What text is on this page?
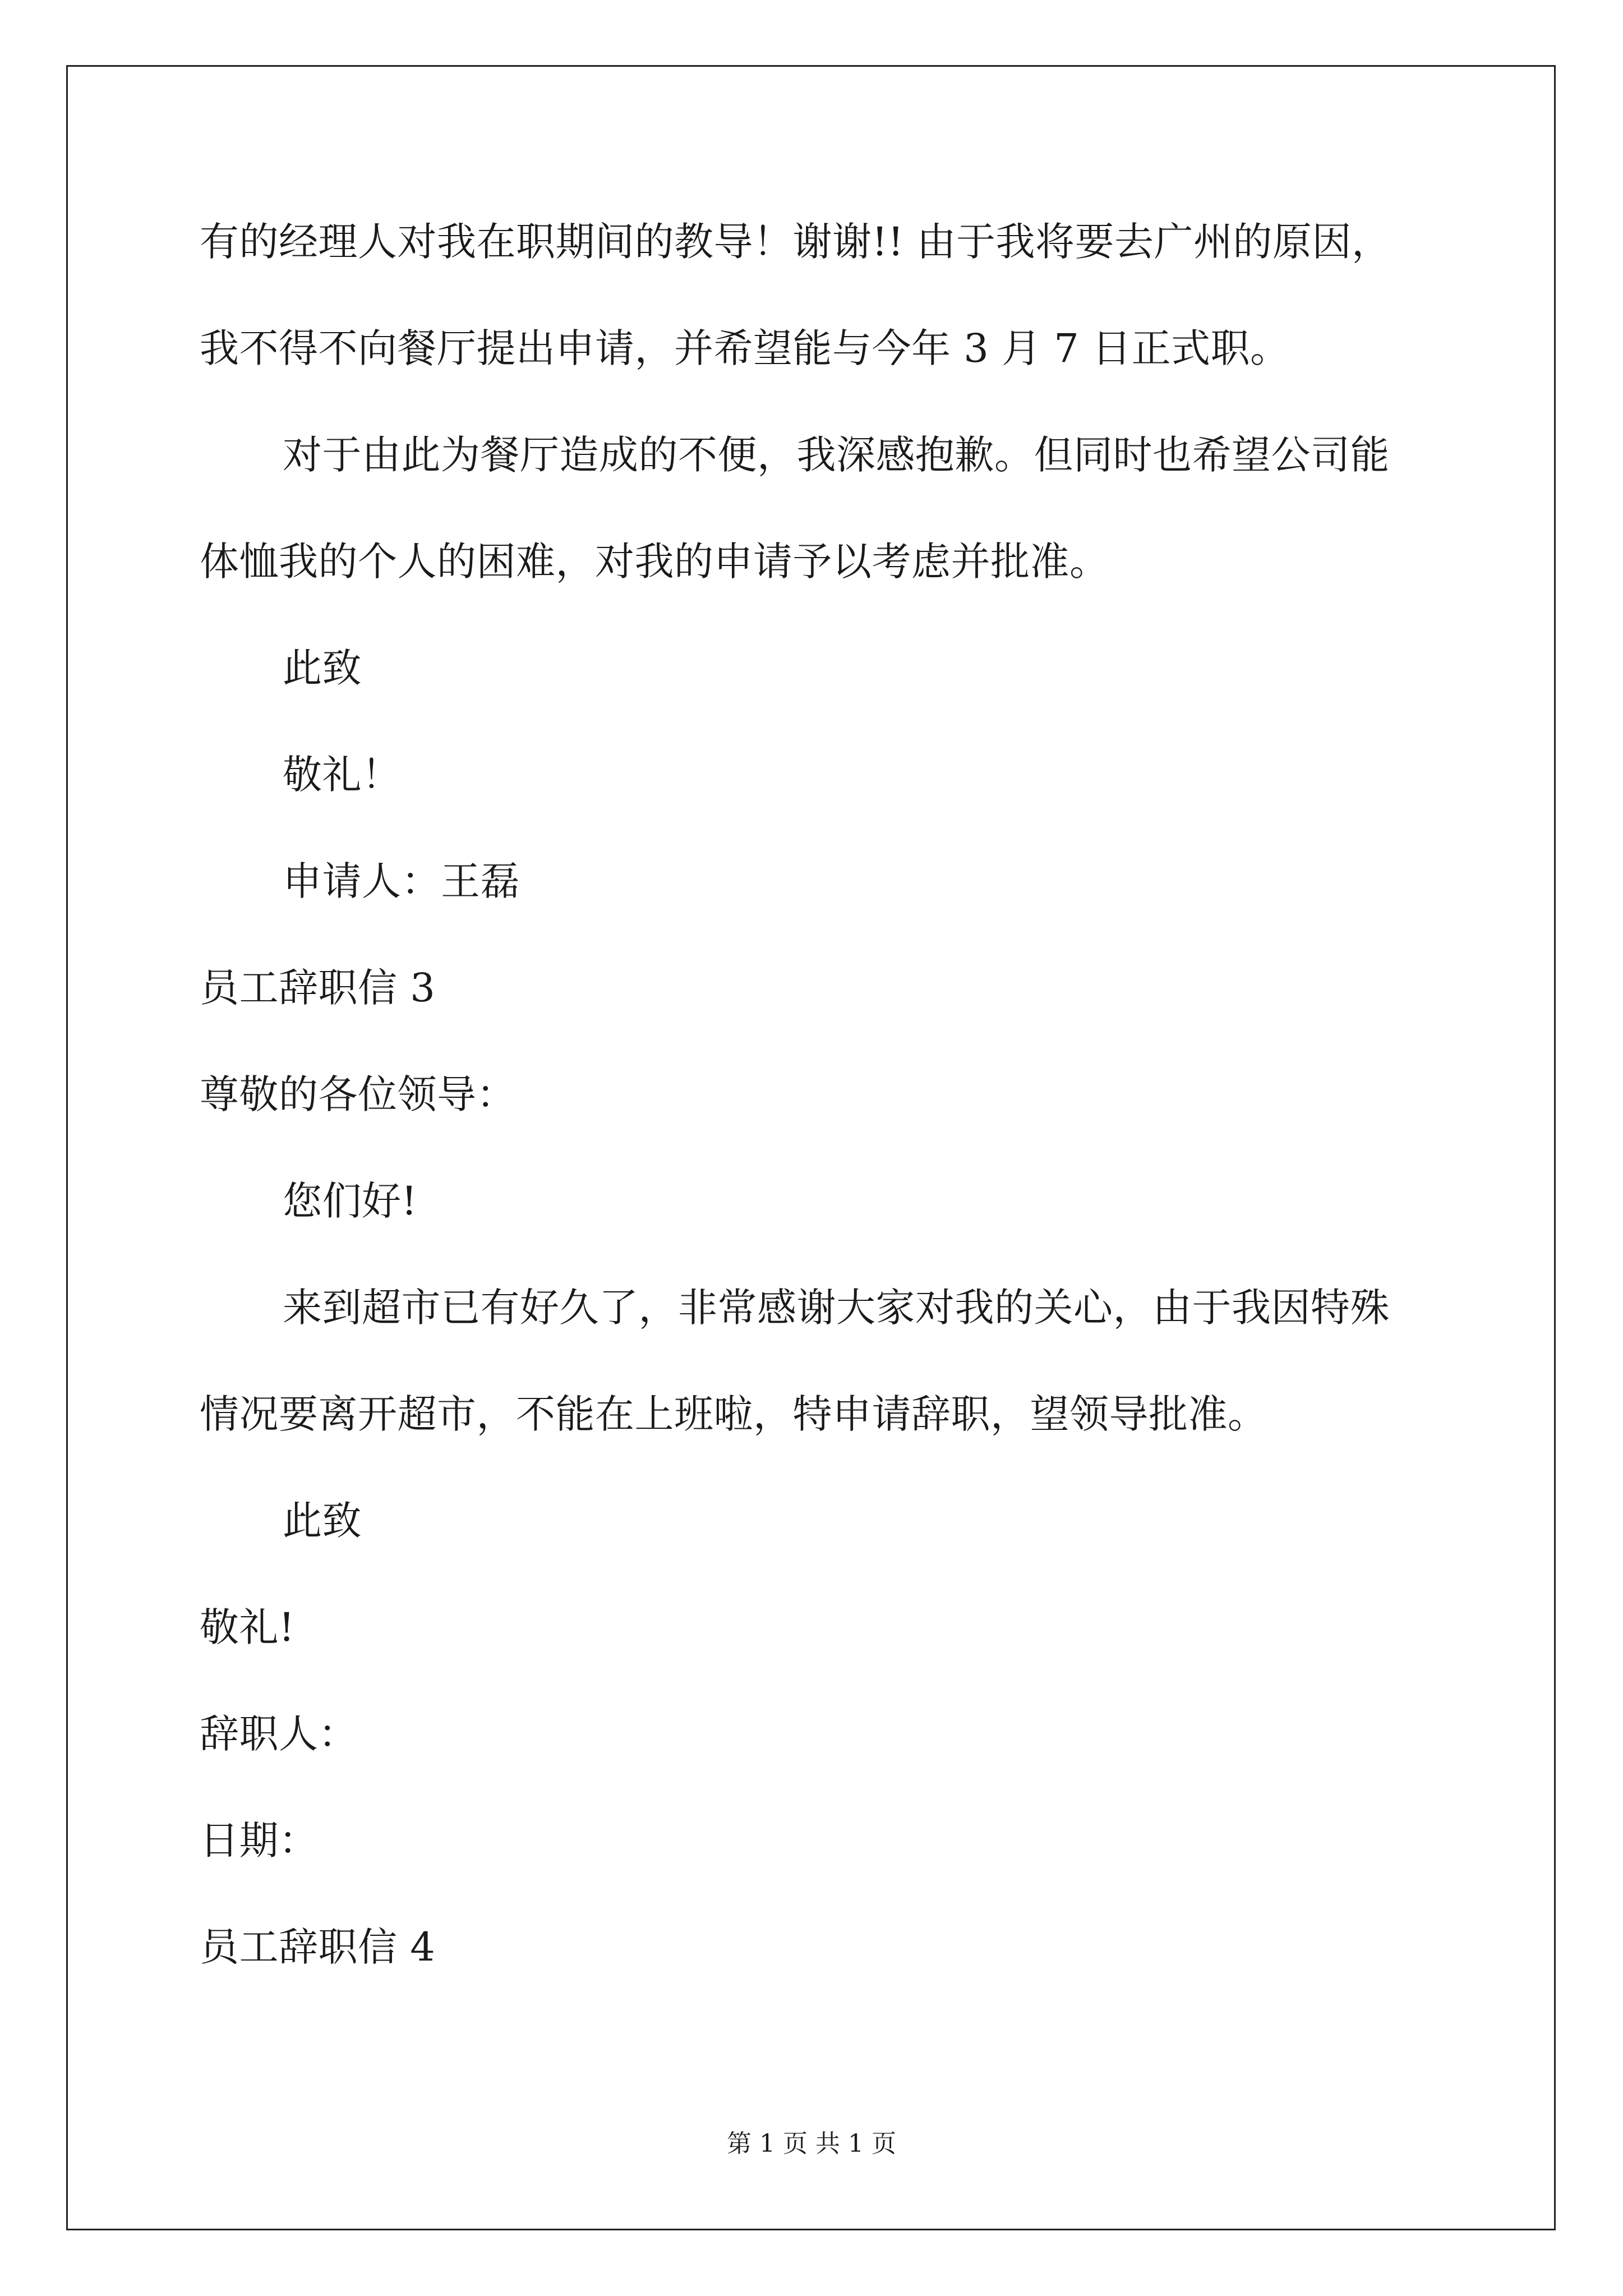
有的经理人对我在职期间的教导！谢谢!! 由于我将要去广州的原因，
我不得不向餐厅提出申请，并希望能与今年 3 月 7 日正式职。
对于由此为餐厅造成的不便，我深感抱歉。但同时也希望公司能
体恤我的个人的困难，对我的申请予以考虑并批准。
此致
敬礼！
申请人：王磊
员工辞职信 3
尊敬的各位领导：
您们好!
来到超市已有好久了，非常感谢大家对我的关心，由于我因特殊
情况要离开超市，不能在上班啦，特申请辞职，望领导批准。
此致
敬礼!
辞职人：
日期：
员工辞职信 4
第 1 页 共 1 页
